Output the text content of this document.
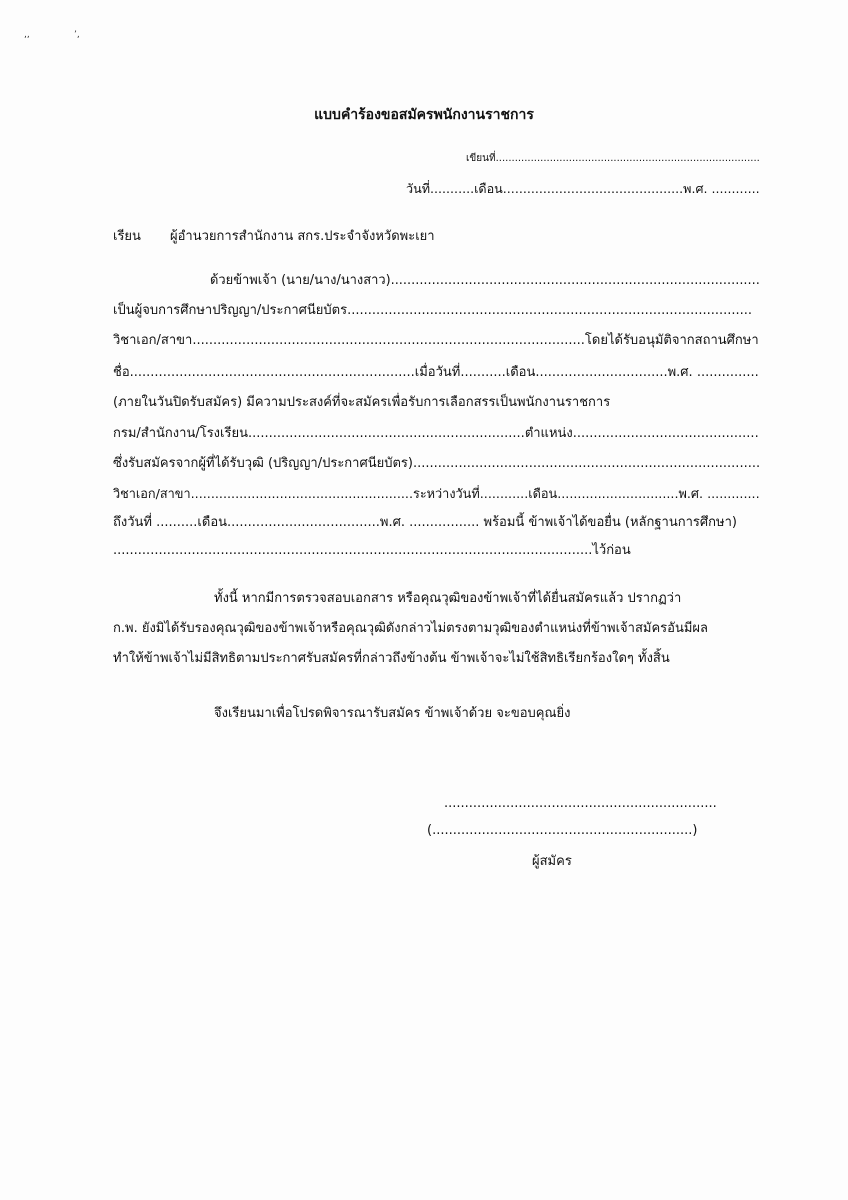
,,	’,
แบบคำร้องขอสมัครพนักงานราชการ
เขียนที่...................................................................................
วันที่...........เดือน.............................................พ.ศ. ............
เรียน ผู้อำนวยการสำนักงาน สกร.ประจำจังหวัดพะเยา
ด้วยข้าพเจ้า (นาย/นาง/นางสาว)..........................................................................................
เป็นผู้จบการศึกษาปริญญา/ประกาศนียบัตร..................................................................................................
วิชาเอก/สาขา...............................................................................................โดยได้รับอนุมัติจากสถานศึกษา
ชื่อ.....................................................................เมื่อวันที่...........เดือน................................พ.ศ. ...............
(ภายในวันปิดรับสมัคร) มีความประสงค์ที่จะสมัครเพื่อรับการเลือกสรรเป็นพนักงานราชการ
กรม/สำนักงาน/โรงเรียน...................................................................ตำแหน่ง.............................................
ซึ่งรับสมัครจากผู้ที่ได้รับวุฒิ (ปริญญา/ประกาศนียบัตร)....................................................................................
วิชาเอก/สาขา.......................................................ระหว่างวันที่............เดือน..............................พ.ศ. .............
ถึงวันที่ ..........เดือน.....................................พ.ศ. ................. พร้อมนี้ ข้าพเจ้าได้ขอยื่น (หลักฐานการศึกษา)
....................................................................................................................ไว้ก่อน
ทั้งนี้ หากมีการตรวจสอบเอกสาร หรือคุณวุฒิของข้าพเจ้าที่ได้ยื่นสมัครแล้ว ปรากฏว่า
ก.พ. ยังมิได้รับรองคุณวุฒิของข้าพเจ้าหรือคุณวุฒิดังกล่าวไม่ตรงตามวุฒิของตำแหน่งที่ข้าพเจ้าสมัครอันมีผล
ทำให้ข้าพเจ้าไม่มีสิทธิตามประกาศรับสมัครที่กล่าวถึงข้างต้น ข้าพเจ้าจะไม่ใช้สิทธิเรียกร้องใดๆ ทั้งสิ้น
จึงเรียนมาเพื่อโปรดพิจารณารับสมัคร ข้าพเจ้าด้วย จะขอบคุณยิ่ง
..................................................................
(...............................................................)
ผู้สมัคร
